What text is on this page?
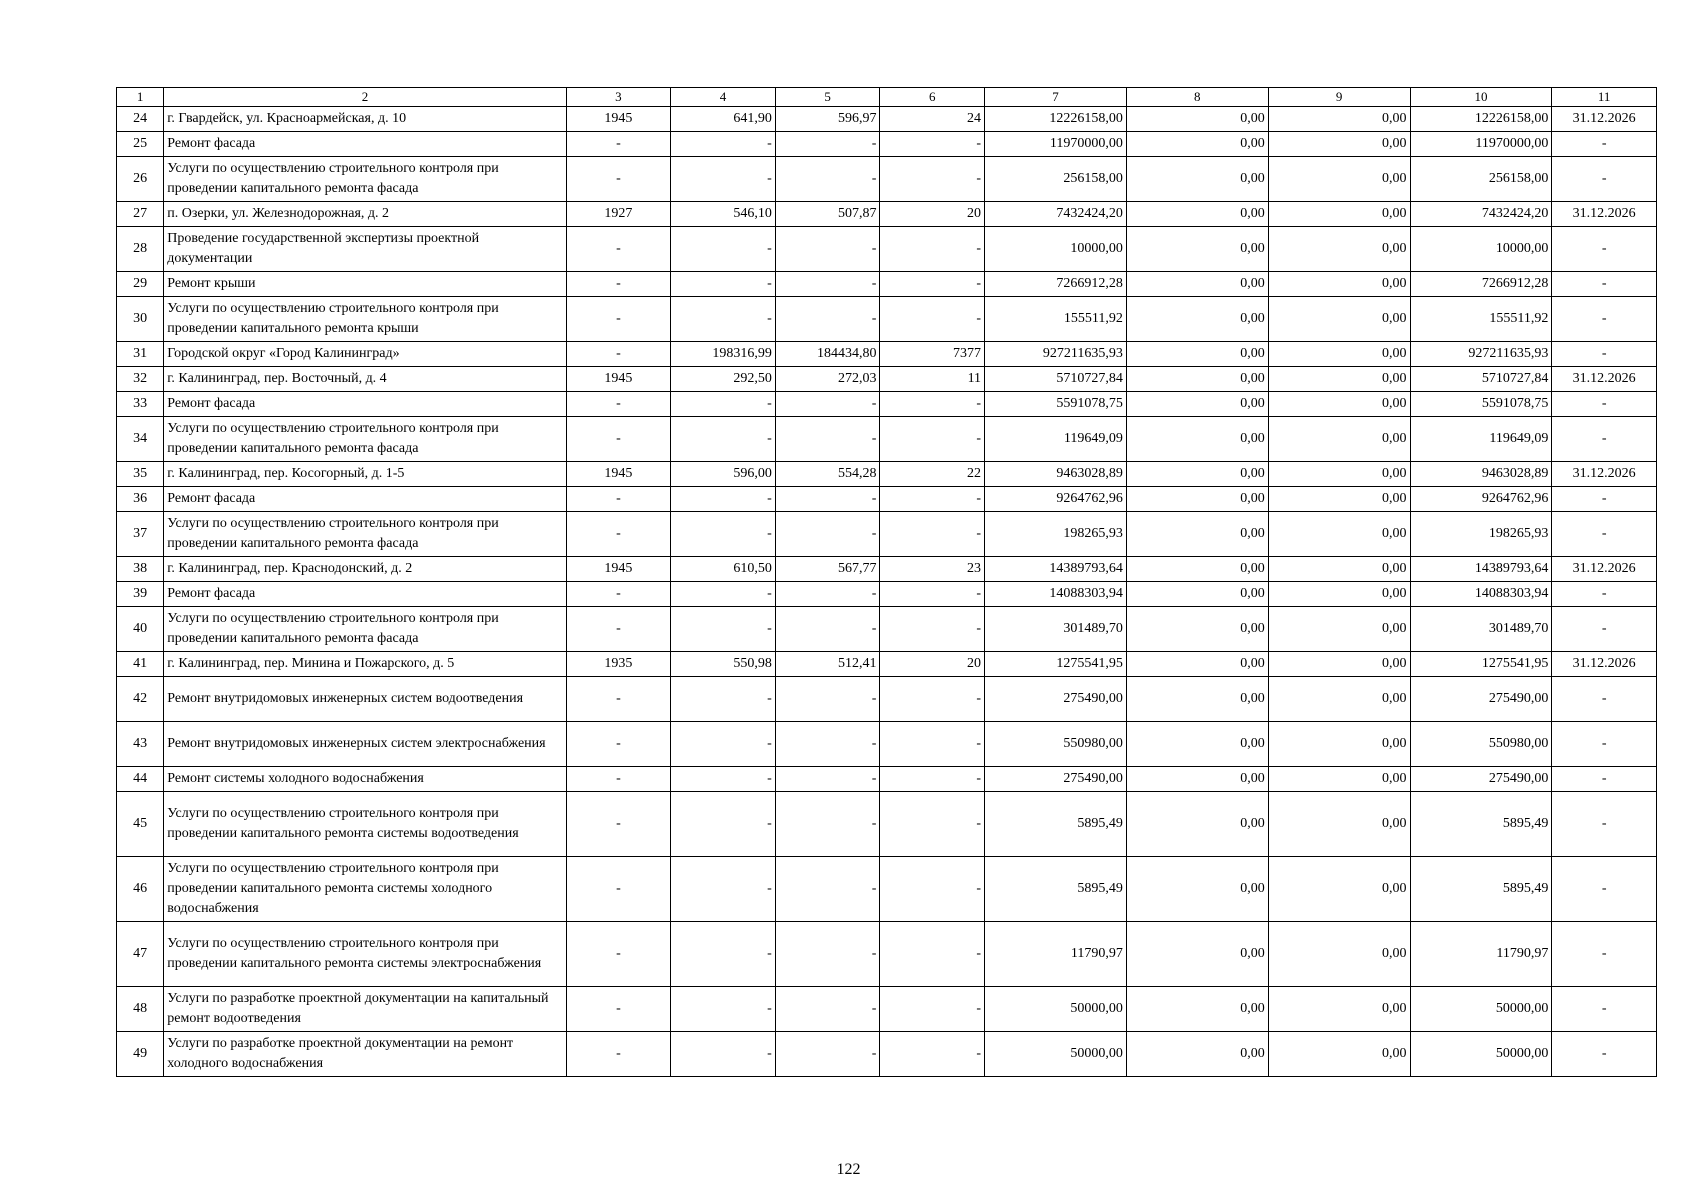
1	2	3	4	5	6	7	8	9	10	11
24	г. Гвардейск, ул. Красноармейская, д. 10	1945	641,90	596,97	24	12226158,00	0,00	0,00	12226158,00	31.12.2026
25	Ремонт фасада	-	-	-	-	11970000,00	0,00	0,00	11970000,00	-
26	Услуги по осуществлению строительного контроля при проведении капитального ремонта фасада	-	-	-	-	256158,00	0,00	0,00	256158,00	-
27	п. Озерки, ул. Железнодорожная, д. 2	1927	546,10	507,87	20	7432424,20	0,00	0,00	7432424,20	31.12.2026
28	Проведение государственной экспертизы проектной документации	-	-	-	-	10000,00	0,00	0,00	10000,00	-
29	Ремонт крыши	-	-	-	-	7266912,28	0,00	0,00	7266912,28	-
30	Услуги по осуществлению строительного контроля при проведении капитального ремонта крыши	-	-	-	-	155511,92	0,00	0,00	155511,92	-
31	Городской округ «Город Калининград»	-	198316,99	184434,80	7377	927211635,93	0,00	0,00	927211635,93	-
32	г. Калининград, пер. Восточный, д. 4	1945	292,50	272,03	11	5710727,84	0,00	0,00	5710727,84	31.12.2026
33	Ремонт фасада	-	-	-	-	5591078,75	0,00	0,00	5591078,75	-
34	Услуги по осуществлению строительного контроля при проведении капитального ремонта фасада	-	-	-	-	119649,09	0,00	0,00	119649,09	-
35	г. Калининград, пер. Косогорный, д. 1-5	1945	596,00	554,28	22	9463028,89	0,00	0,00	9463028,89	31.12.2026
36	Ремонт фасада	-	-	-	-	9264762,96	0,00	0,00	9264762,96	-
37	Услуги по осуществлению строительного контроля при проведении капитального ремонта фасада	-	-	-	-	198265,93	0,00	0,00	198265,93	-
38	г. Калининград, пер. Краснодонский, д. 2	1945	610,50	567,77	23	14389793,64	0,00	0,00	14389793,64	31.12.2026
39	Ремонт фасада	-	-	-	-	14088303,94	0,00	0,00	14088303,94	-
40	Услуги по осуществлению строительного контроля при проведении капитального ремонта фасада	-	-	-	-	301489,70	0,00	0,00	301489,70	-
41	г. Калининград, пер. Минина и Пожарского, д. 5	1935	550,98	512,41	20	1275541,95	0,00	0,00	1275541,95	31.12.2026
42	Ремонт внутридомовых инженерных систем водоотведения	-	-	-	-	275490,00	0,00	0,00	275490,00	-
43	Ремонт внутридомовых инженерных систем электроснабжения	-	-	-	-	550980,00	0,00	0,00	550980,00	-
44	Ремонт системы холодного водоснабжения	-	-	-	-	275490,00	0,00	0,00	275490,00	-
45	Услуги по осуществлению строительного контроля при проведении капитального ремонта системы водоотведения	-	-	-	-	5895,49	0,00	0,00	5895,49	-
46	Услуги по осуществлению строительного контроля при проведении капитального ремонта системы холодного водоснабжения	-	-	-	-	5895,49	0,00	0,00	5895,49	-
47	Услуги по осуществлению строительного контроля при проведении капитального ремонта системы электроснабжения	-	-	-	-	11790,97	0,00	0,00	11790,97	-
48	Услуги по разработке проектной документации на капитальный ремонт водоотведения	-	-	-	-	50000,00	0,00	0,00	50000,00	-
49	Услуги по разработке проектной документации на ремонт холодного водоснабжения	-	-	-	-	50000,00	0,00	0,00	50000,00	-
122
